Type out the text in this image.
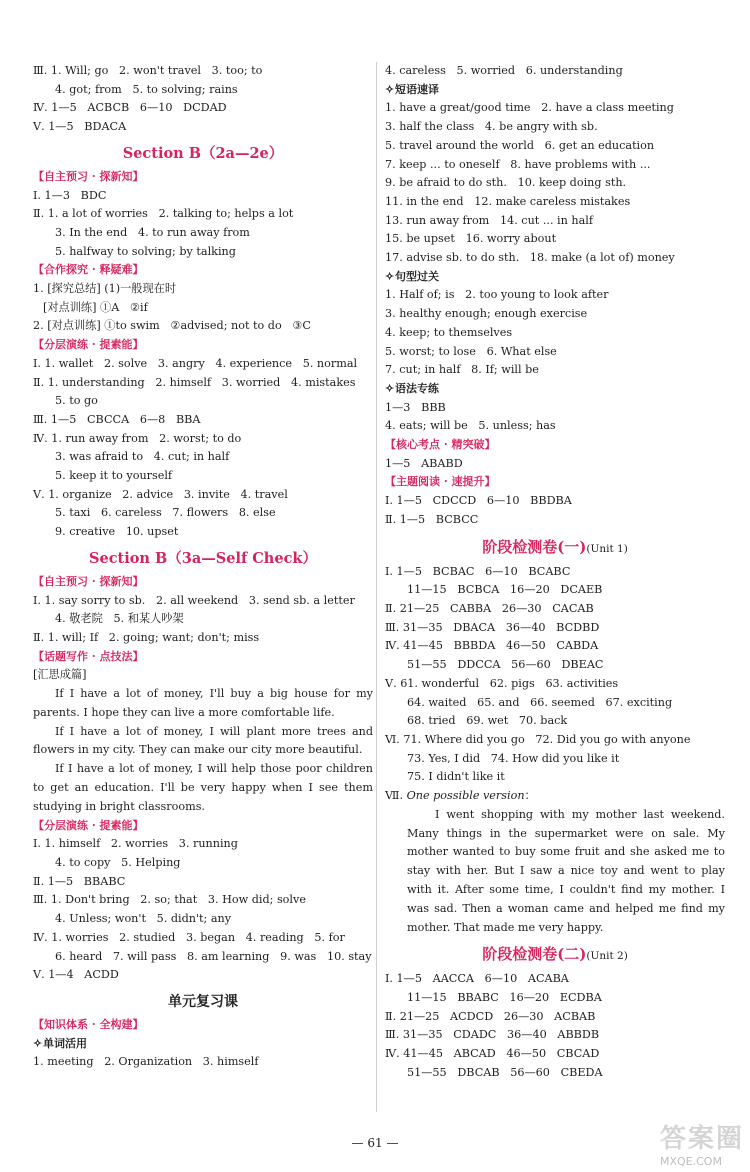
Ⅲ. 1. Will; go   2. won't travel   3. too; to
4. got; from   5. to solving; rains
Ⅳ. 1—5   ACBCB   6—10   DCDAD
Ⅴ. 1—5   BDACA
Section B（2a—2e）
【自主预习 · 探新知】
Ⅰ. 1—3   BDC
Ⅱ. 1. a lot of worries   2. talking to; helps a lot
3. In the end   4. to run away from
5. halfway to solving; by talking
【合作探究 · 释疑难】
1. [探究总结] (1)一般现在时
[对点训练] ①A   ②if
2. [对点训练] ①to swim   ②advised; not to do   ③C
【分层演练 · 提素能】
Ⅰ. 1. wallet   2. solve   3. angry   4. experience   5. normal
Ⅱ. 1. understanding   2. himself   3. worried   4. mistakes
5. to go
Ⅲ. 1—5   CBCCA   6—8   BBA
Ⅳ. 1. run away from   2. worst; to do
3. was afraid to   4. cut; in half
5. keep it to yourself
Ⅴ. 1. organize   2. advice   3. invite   4. travel
5. taxi   6. careless   7. flowers   8. else
9. creative   10. upset
Section B（3a—Self Check）
【自主预习 · 探新知】
Ⅰ. 1. say sorry to sb.   2. all weekend   3. send sb. a letter
4. 敬老院   5. 和某人吵架
Ⅱ. 1. will; If   2. going; want; don't; miss
【话题写作 · 点技法】
[汇思成篇]
If I have a lot of money, I'll buy a big house for my parents. I hope they can live a more comfortable life.
If I have a lot of money, I will plant more trees and flowers in my city. They can make our city more beautiful.
If I have a lot of money, I will help those poor children to get an education. I'll be very happy when I see them studying in bright classrooms.
【分层演练 · 提素能】
Ⅰ. 1. himself   2. worries   3. running
4. to copy   5. Helping
Ⅱ. 1—5   BBABC
Ⅲ. 1. Don't bring   2. so; that   3. How did; solve
4. Unless; won't   5. didn't; any
Ⅳ. 1. worries   2. studied   3. began   4. reading   5. for
6. heard   7. will pass   8. am learning   9. was   10. stay
Ⅴ. 1—4   ACDD
单元复习课
【知识体系 · 全构建】
✧单词活用
1. meeting   2. Organization   3. himself
4. careless   5. worried   6. understanding
✧短语速译
1. have a great/good time   2. have a class meeting
3. half the class   4. be angry with sb.
5. travel around the world   6. get an education
7. keep ... to oneself   8. have problems with ...
9. be afraid to do sth.   10. keep doing sth.
11. in the end   12. make careless mistakes
13. run away from   14. cut ... in half
15. be upset   16. worry about
17. advise sb. to do sth.   18. make (a lot of) money
✧句型过关
1. Half of; is   2. too young to look after
3. healthy enough; enough exercise
4. keep; to themselves
5. worst; to lose   6. What else
7. cut; in half   8. If; will be
✧语法专练
1—3   BBB
4. eats; will be   5. unless; has
【核心考点 · 精突破】
1—5   ABABD
【主题阅读 · 速提升】
Ⅰ. 1—5   CDCCD   6—10   BBDBA
Ⅱ. 1—5   BCBCC
阶段检测卷(一)(Unit 1)
Ⅰ. 1—5   BCBAC   6—10   BCABC
11—15   BCBCA   16—20   DCAEB
Ⅱ. 21—25   CABBA   26—30   CACAB
Ⅲ. 31—35   DBACA   36—40   BCDBD
Ⅳ. 41—45   BBBDA   46—50   CABDA
51—55   DDCCA   56—60   DBEAC
Ⅴ. 61. wonderful   62. pigs   63. activities
64. waited   65. and   66. seemed   67. exciting
68. tried   69. wet   70. back
Ⅵ. 71. Where did you go   72. Did you go with anyone
73. Yes, I did   74. How did you like it
75. I didn't like it
Ⅶ. One possible version：
I went shopping with my mother last weekend. Many things in the supermarket were on sale. My mother wanted to buy some fruit and she asked me to stay with her. But I saw a nice toy and went to play with it. After some time, I couldn't find my mother. I was sad. Then a woman came and helped me find my mother. That made me very happy.
阶段检测卷(二)(Unit 2)
Ⅰ. 1—5   AACCA   6—10   ACABA
11—15   BBABC   16—20   ECDBA
Ⅱ. 21—25   ACDCD   26—30   ACBAB
Ⅲ. 31—35   CDADC   36—40   ABBDB
Ⅳ. 41—45   ABCAD   46—50   CBCAD
51—55   DBCAB   56—60   CBEDA
— 61 —	答案圈
MXQE.COM
